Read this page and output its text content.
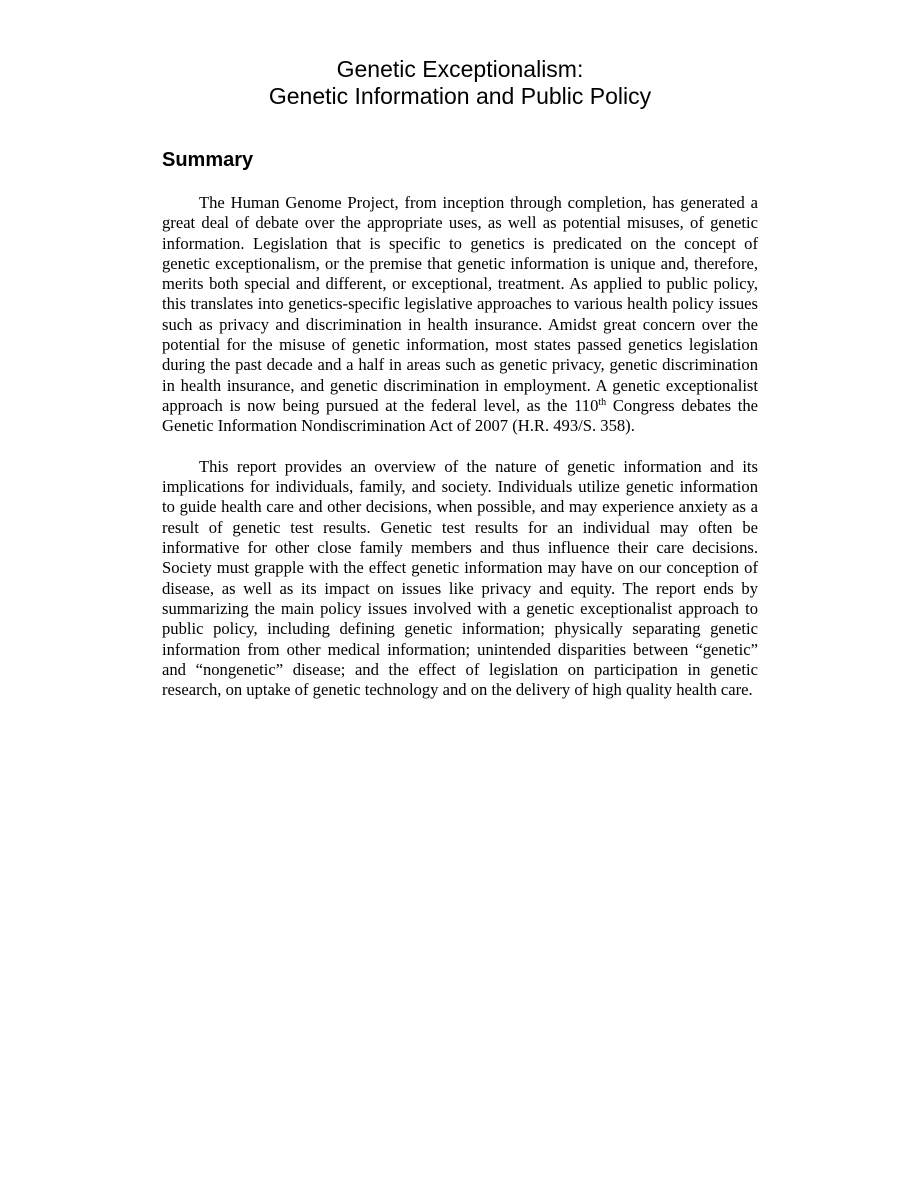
Genetic Exceptionalism:
Genetic Information and Public Policy
Summary

The Human Genome Project, from inception through completion, has generated a great deal of debate over the appropriate uses, as well as potential misuses, of genetic information. Legislation that is specific to genetics is predicated on the concept of genetic exceptionalism, or the premise that genetic information is unique and, therefore, merits both special and different, or exceptional, treatment. As applied to public policy, this translates into genetics-specific legislative approaches to various health policy issues such as privacy and discrimination in health insurance. Amidst great concern over the potential for the misuse of genetic information, most states passed genetics legislation during the past decade and a half in areas such as genetic privacy, genetic discrimination in health insurance, and genetic discrimination in employment. A genetic exceptionalist approach is now being pursued at the federal level, as the 110th Congress debates the Genetic Information Nondiscrimination Act of 2007 (H.R. 493/S. 358).

This report provides an overview of the nature of genetic information and its implications for individuals, family, and society. Individuals utilize genetic information to guide health care and other decisions, when possible, and may experience anxiety as a result of genetic test results. Genetic test results for an individual may often be informative for other close family members and thus influence their care decisions. Society must grapple with the effect genetic information may have on our conception of disease, as well as its impact on issues like privacy and equity. The report ends by summarizing the main policy issues involved with a genetic exceptionalist approach to public policy, including defining genetic information; physically separating genetic information from other medical information; unintended disparities between “genetic” and “nongenetic” disease; and the effect of legislation on participation in genetic research, on uptake of genetic technology and on the delivery of high quality health care.
